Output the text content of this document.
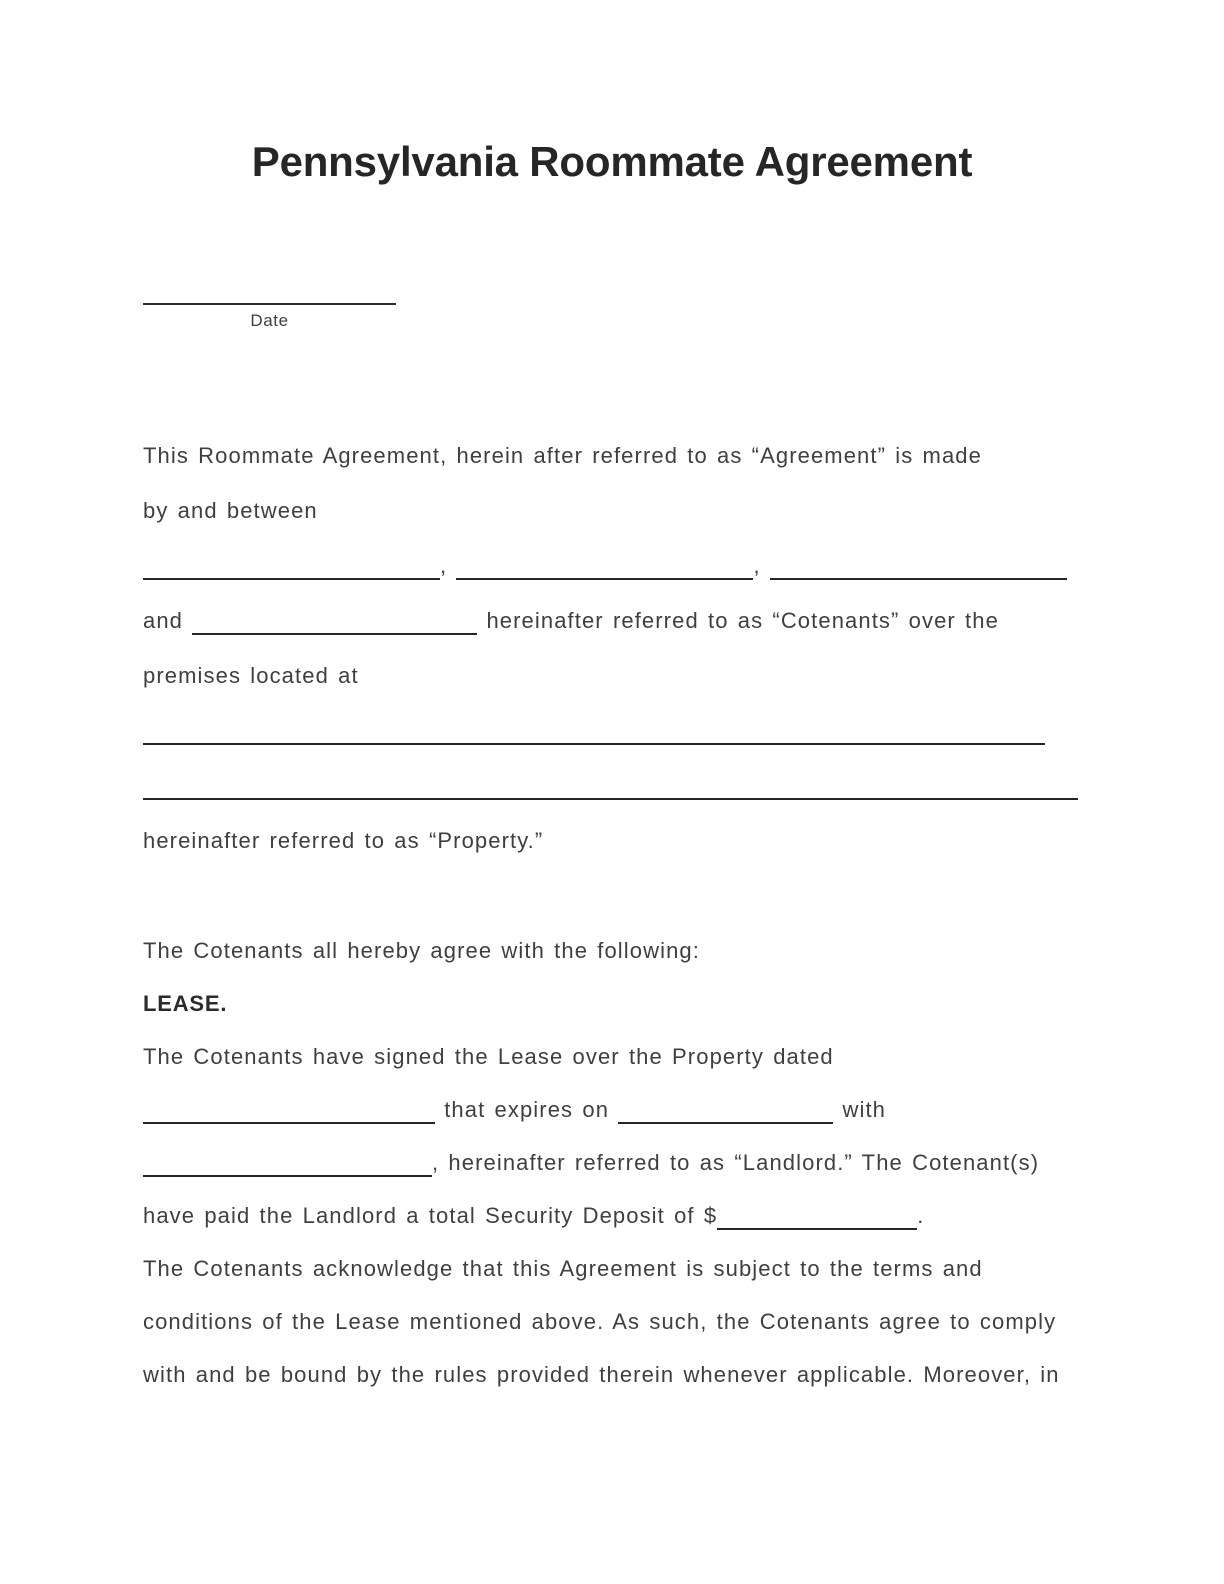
Pennsylvania Roommate Agreement
Date
This Roommate Agreement, herein after referred to as “Agreement” is made
by and between
,	,
and	hereinafter referred to as “Cotenants” over the
premises located at
hereinafter referred to as “Property.”
The Cotenants all hereby agree with the following:
LEASE.
The Cotenants have signed the Lease over the Property dated
that expires on	with
, hereinafter referred to as “Landlord.” The Cotenant(s)
have paid the Landlord a total Security Deposit of $	.
The Cotenants acknowledge that this Agreement is subject to the terms and
conditions of the Lease mentioned above. As such, the Cotenants agree to comply
with and be bound by the rules provided therein whenever applicable. Moreover, in
